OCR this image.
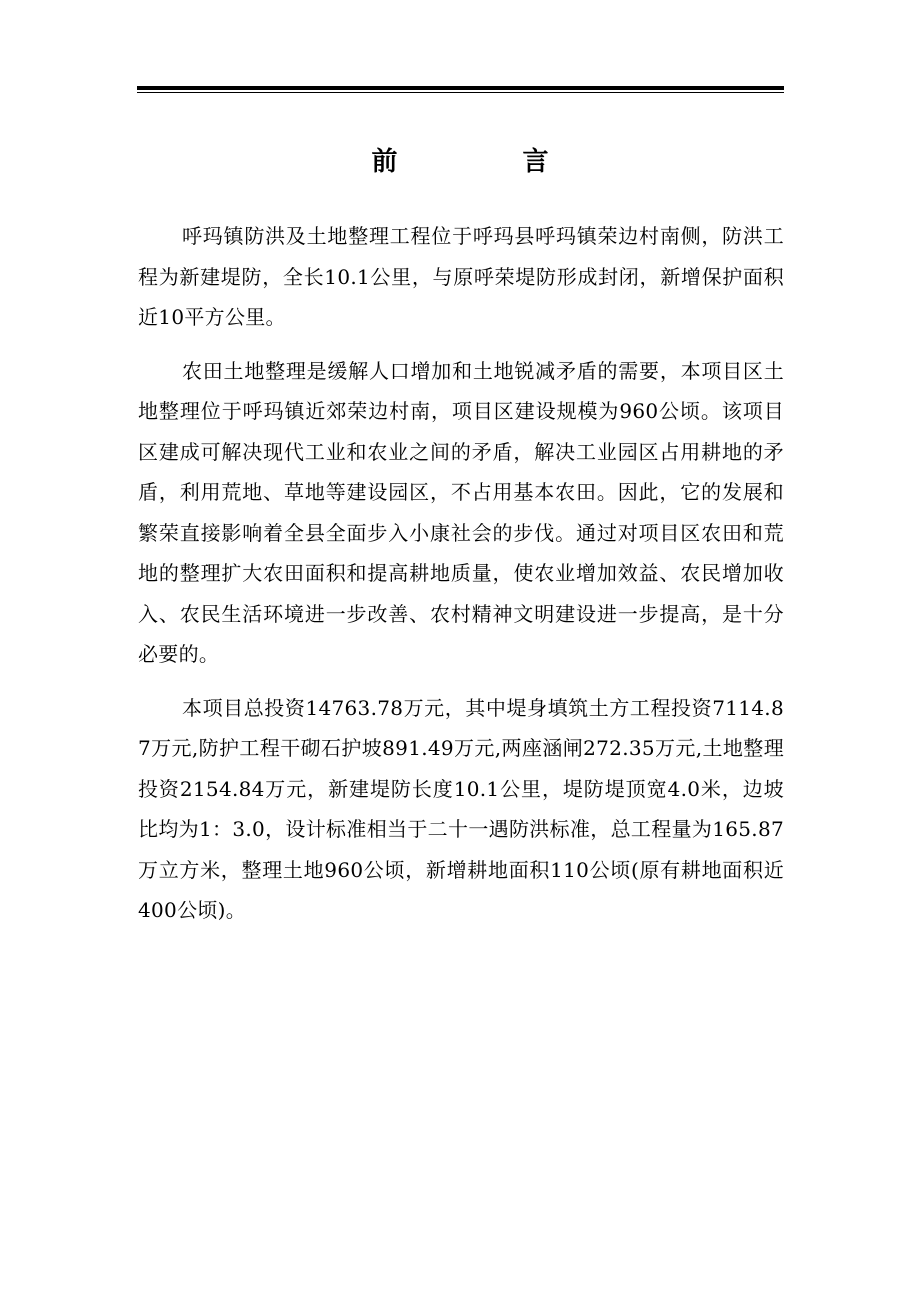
前 言

呼玛镇防洪及土地整理工程位于呼玛县呼玛镇荣边村南侧，防洪工程为新建堤防，全长10.1公里，与原呼荣堤防形成封闭，新增保护面积近10平方公里。

农田土地整理是缓解人口增加和土地锐减矛盾的需要，本项目区土地整理位于呼玛镇近郊荣边村南，项目区建设规模为960公顷。该项目区建成可解决现代工业和农业之间的矛盾，解决工业园区占用耕地的矛盾，利用荒地、草地等建设园区，不占用基本农田。因此，它的发展和繁荣直接影响着全县全面步入小康社会的步伐。通过对项目区农田和荒地的整理扩大农田面积和提高耕地质量，使农业增加效益、农民增加收入、农民生活环境进一步改善、农村精神文明建设进一步提高，是十分必要的。

本项目总投资14763.78万元，其中堤身填筑土方工程投资7114.87万元,防护工程干砌石护坡891.49万元,两座涵闸272.35万元,土地整理投资2154.84万元，新建堤防长度10.1公里，堤防堤顶宽4.0米，边坡比均为1：3.0，设计标准相当于二十一遇防洪标准，总工程量为165.87万立方米，整理土地960公顷，新增耕地面积110公顷(原有耕地面积近400公顷)。
